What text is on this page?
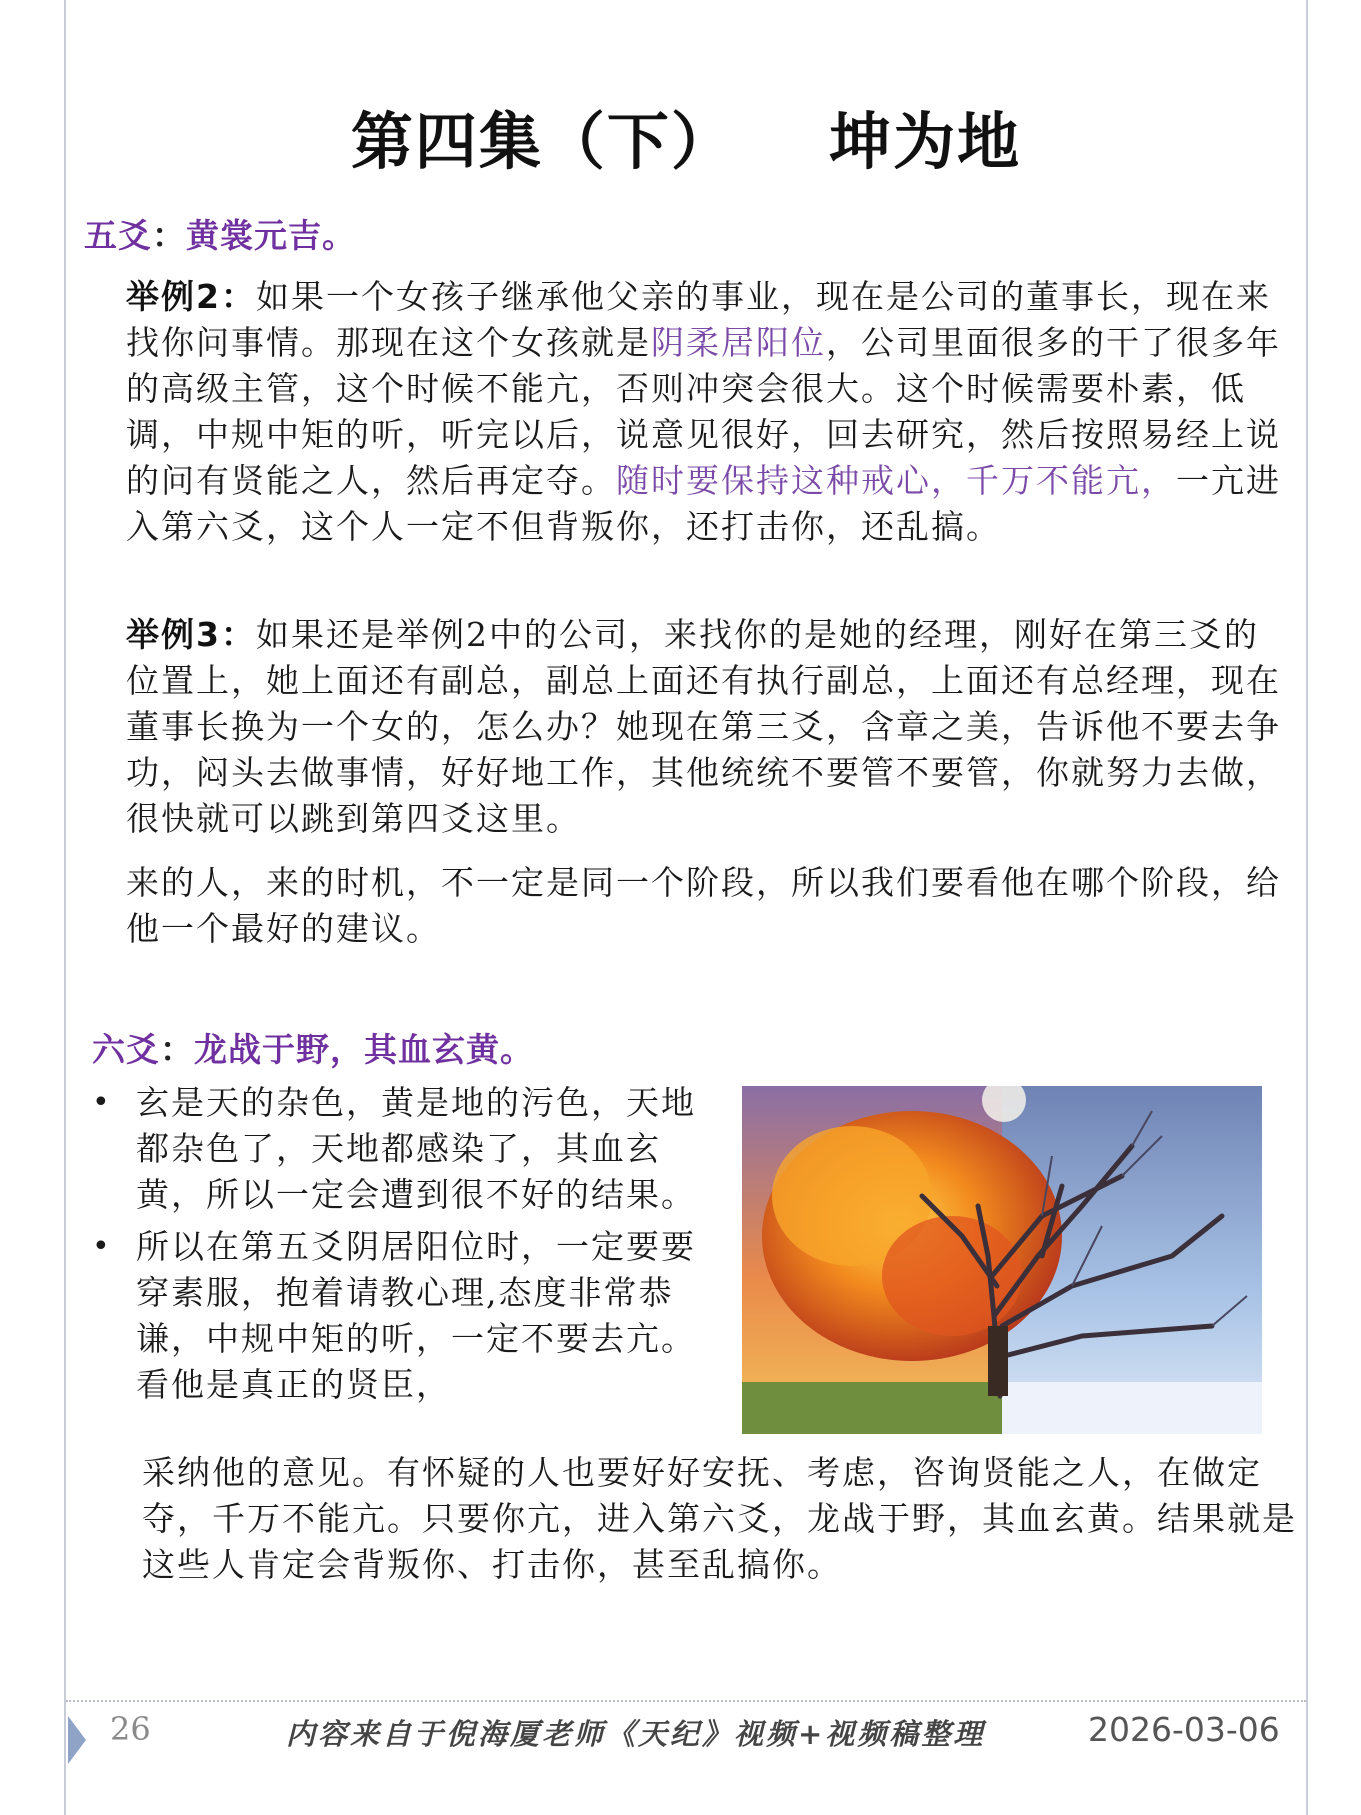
第四集（下）    坤为地
五爻：黄裳元吉。
举例2：如果一个女孩子继承他父亲的事业，现在是公司的董事长，现在来找你问事情。那现在这个女孩就是阴柔居阳位，公司里面很多的干了很多年的高级主管，这个时候不能亢，否则冲突会很大。这个时候需要朴素，低调，中规中矩的听，听完以后，说意见很好，回去研究，然后按照易经上说的问有贤能之人，然后再定夺。随时要保持这种戒心，千万不能亢，一亢进入第六爻，这个人一定不但背叛你，还打击你，还乱搞。
举例3：如果还是举例2中的公司，来找你的是她的经理，刚好在第三爻的位置上，她上面还有副总，副总上面还有执行副总，上面还有总经理，现在董事长换为一个女的，怎么办？她现在第三爻，含章之美，告诉他不要去争功，闷头去做事情，好好地工作，其他统统不要管不要管，你就努力去做，很快就可以跳到第四爻这里。
来的人，来的时机，不一定是同一个阶段，所以我们要看他在哪个阶段，给他一个最好的建议。
六爻：龙战于野，其血玄黄。
• 玄是天的杂色，黄是地的污色，天地都杂色了，天地都感染了，其血玄黄，所以一定会遭到很不好的结果。
• 所以在第五爻阴居阳位时，一定要要穿素服，抱着请教心理,态度非常恭谦，中规中矩的听，一定不要去亢。看他是真正的贤臣，
采纳他的意见。有怀疑的人也要好好安抚、考虑，咨询贤能之人，在做定夺，千万不能亢。只要你亢，进入第六爻，龙战于野，其血玄黄。结果就是这些人肯定会背叛你、打击你，甚至乱搞你。
26	内容来自于倪海厦老师《天纪》视频+视频稿整理	2026-03-06
